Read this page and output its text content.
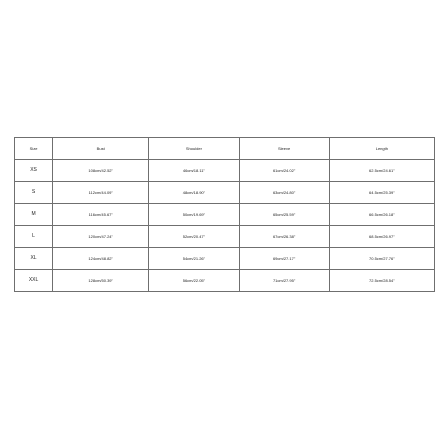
Size	Bust	Shoulder	Sleeve	Length
XS	108cm/42.52"	46cm/18.11"	61cm/24.02"	62.5cm/24.61"
S	112cm/44.09"	48cm/18.90"	63cm/24.80"	64.5cm/25.39"
M	116cm/45.67"	50cm/19.69"	65cm/25.59"	66.5cm/26.18"
L	120cm/47.24"	52cm/20.47"	67cm/26.38"	68.5cm/26.97"
XL	124cm/48.82"	54cm/21.26"	69cm/27.17"	70.5cm/27.76"
XXL	128cm/50.39"	56cm/22.05"	71cm/27.95"	72.5cm/28.54"
